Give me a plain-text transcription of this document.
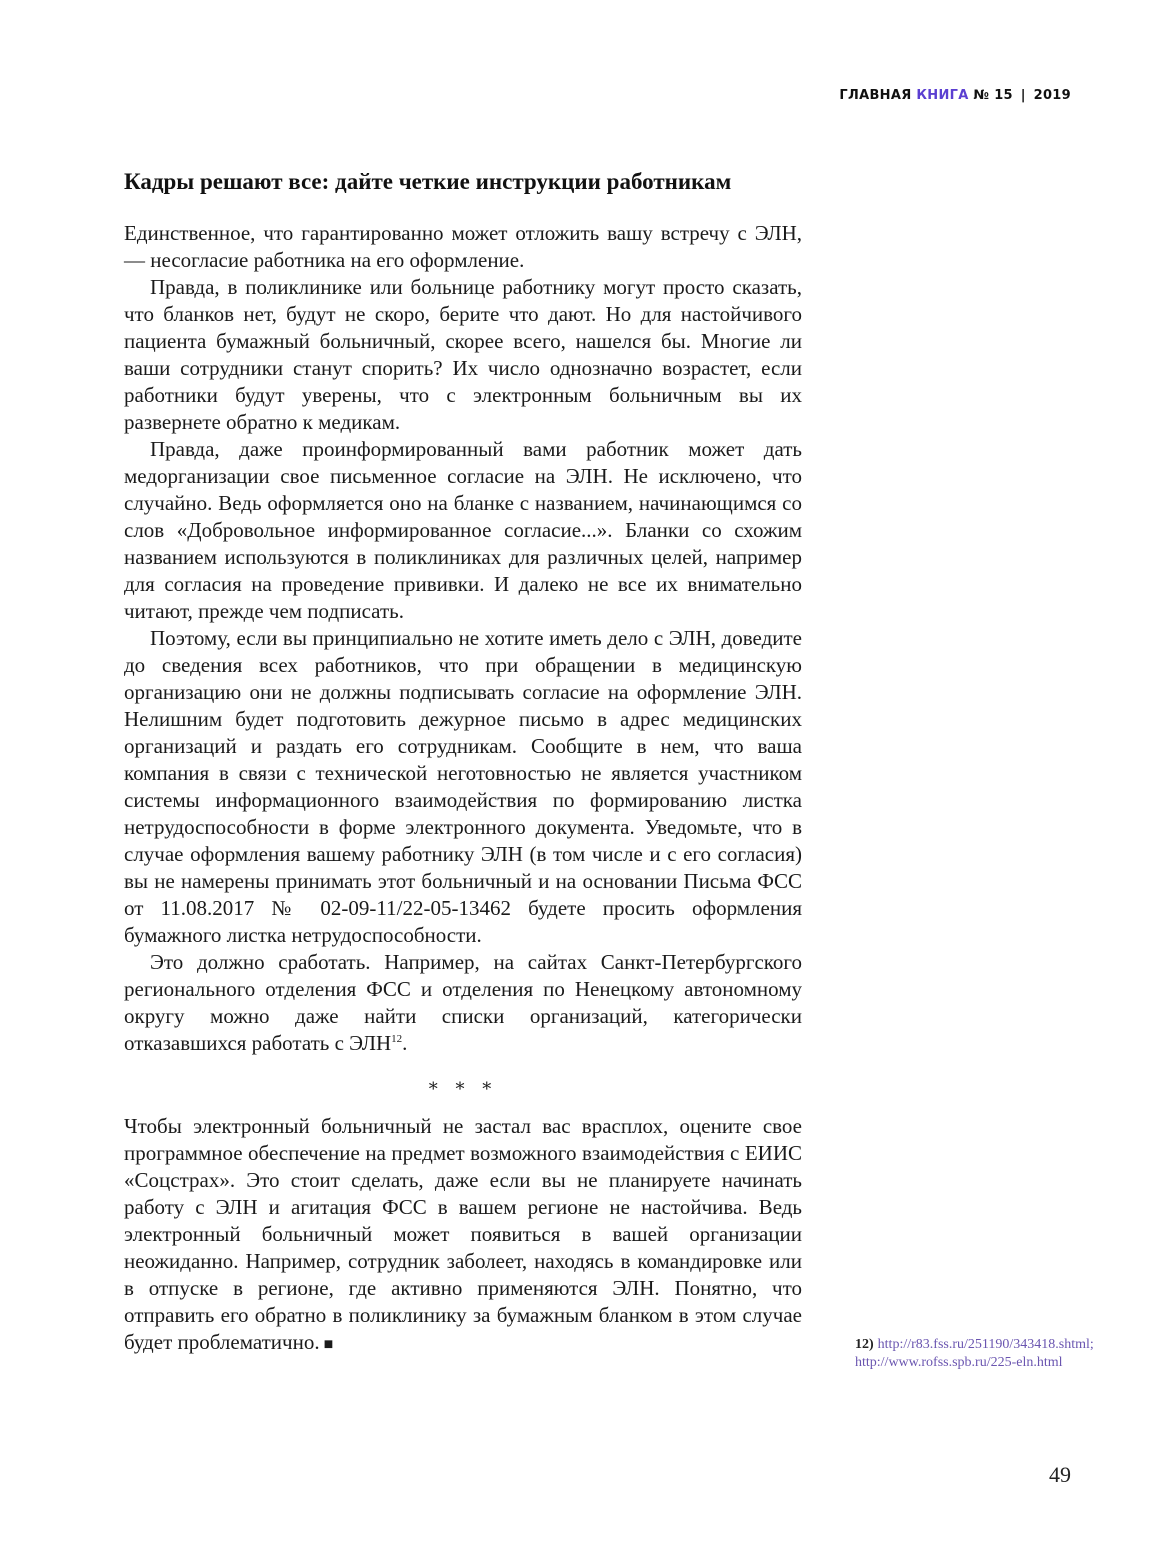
ГЛАВНАЯ КНИГА № 15 | 2019
Кадры решают все: дайте четкие инструкции работникам

Единственное, что гарантированно может отложить вашу встречу с ЭЛН, — несогласие работника на его оформление.

Правда, в поликлинике или больнице работнику могут просто сказать, что бланков нет, будут не скоро, берите что дают. Но для настойчивого пациента бумажный больничный, скорее всего, нашелся бы. Многие ли ваши сотрудники станут спорить? Их число однозначно возрастет, если работники будут уверены, что с электронным больничным вы их развернете обратно к медикам.

Правда, даже проинформированный вами работник может дать медорганизации свое письменное согласие на ЭЛН. Не исключено, что случайно. Ведь оформляется оно на бланке с названием, начинающимся со слов «Добровольное информированное согласие...». Бланки со схожим названием используются в поликлиниках для различных целей, например для согласия на проведение прививки. И далеко не все их внимательно читают, прежде чем подписать.

Поэтому, если вы принципиально не хотите иметь дело с ЭЛН, доведите до сведения всех работников, что при обращении в медицинскую организацию они не должны подписывать согласие на оформление ЭЛН. Нелишним будет подготовить дежурное письмо в адрес медицинских организаций и раздать его сотрудникам. Сообщите в нем, что ваша компания в связи с технической неготовностью не является участником системы информационного взаимодействия по формированию листка нетрудоспособности в форме электронного документа. Уведомьте, что в случае оформления вашему работнику ЭЛН (в том числе и с его согласия) вы не намерены принимать этот больничный и на основании Письма ФСС от 11.08.2017 № 02-09-11/22-05-13462 будете просить оформления бумажного листка нетрудоспособности.

Это должно сработать. Например, на сайтах Санкт-Петербургского регионального отделения ФСС и отделения по Ненецкому автономному округу можно даже найти списки организаций, категорически отказавшихся работать с ЭЛН$^{12}$.

* * *

Чтобы электронный больничный не застал вас врасплох, оцените свое программное обеспечение на предмет возможного взаимодействия с ЕИИС «Соцстрах». Это стоит сделать, даже если вы не планируете начинать работу с ЭЛН и агитация ФСС в вашем регионе не настойчива. Ведь электронный больничный может появиться в вашей организации неожиданно. Например, сотрудник заболеет, находясь в командировке или в отпуске в регионе, где активно применяются ЭЛН. Понятно, что отправить его обратно в поликлинику за бумажным бланком в этом случае будет проблематично. ■	12) http://r83.fss.ru/251190/343418.shtml;
http://www.rofss.spb.ru/225-eln.html
49
